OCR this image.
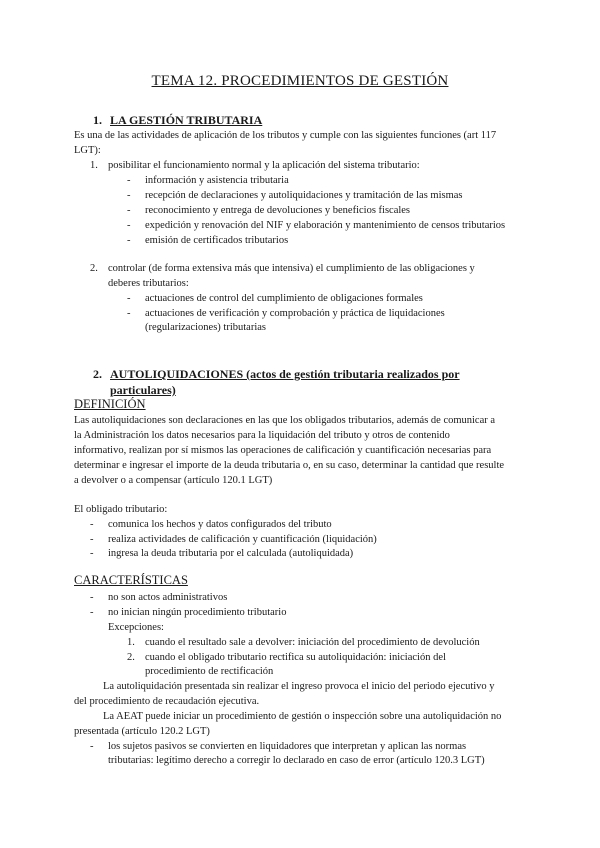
TEMA 12. PROCEDIMIENTOS DE GESTIÓN
1. LA GESTIÓN TRIBUTARIA
Es una de las actividades de aplicación de los tributos y cumple con las siguientes funciones (art 117
LGT):
1. posibilitar el funcionamiento normal y la aplicación del sistema tributario:
- información y asistencia tributaria
- recepción de declaraciones y autoliquidaciones y tramitación de las mismas
- reconocimiento y entrega de devoluciones y beneficios fiscales
- expedición y renovación del NIF y elaboración y mantenimiento de censos tributarios
- emisión de certificados tributarios
2. controlar (de forma extensiva más que intensiva) el cumplimiento de las obligaciones y
deberes tributarios:
- actuaciones de control del cumplimiento de obligaciones formales
- actuaciones de verificación y comprobación y práctica de liquidaciones
(regularizaciones) tributarias
2. AUTOLIQUIDACIONES (actos de gestión tributaria realizados por
particulares)
DEFINICIÓN
Las autoliquidaciones son declaraciones en las que los obligados tributarios, además de comunicar a
la Administración los datos necesarios para la liquidación del tributo y otros de contenido
informativo, realizan por sí mismos las operaciones de calificación y cuantificación necesarias para
determinar e ingresar el importe de la deuda tributaria o, en su caso, determinar la cantidad que resulte
a devolver o a compensar (artículo 120.1 LGT)
El obligado tributario:
- comunica los hechos y datos configurados del tributo
- realiza actividades de calificación y cuantificación (liquidación)
- ingresa la deuda tributaria por el calculada (autoliquidada)
CARACTERÍSTICAS
- no son actos administrativos
- no inician ningún procedimiento tributario
Excepciones:
1. cuando el resultado sale a devolver: iniciación del procedimiento de devolución
2. cuando el obligado tributario rectifica su autoliquidación: iniciación del
procedimiento de rectificación
La autoliquidación presentada sin realizar el ingreso provoca el inicio del periodo ejecutivo y
del procedimiento de recaudación ejecutiva.
La AEAT puede iniciar un procedimiento de gestión o inspección sobre una autoliquidación no
presentada (artículo 120.2 LGT)
- los sujetos pasivos se convierten en liquidadores que interpretan y aplican las normas
tributarias: legítimo derecho a corregir lo declarado en caso de error (artículo 120.3 LGT)
